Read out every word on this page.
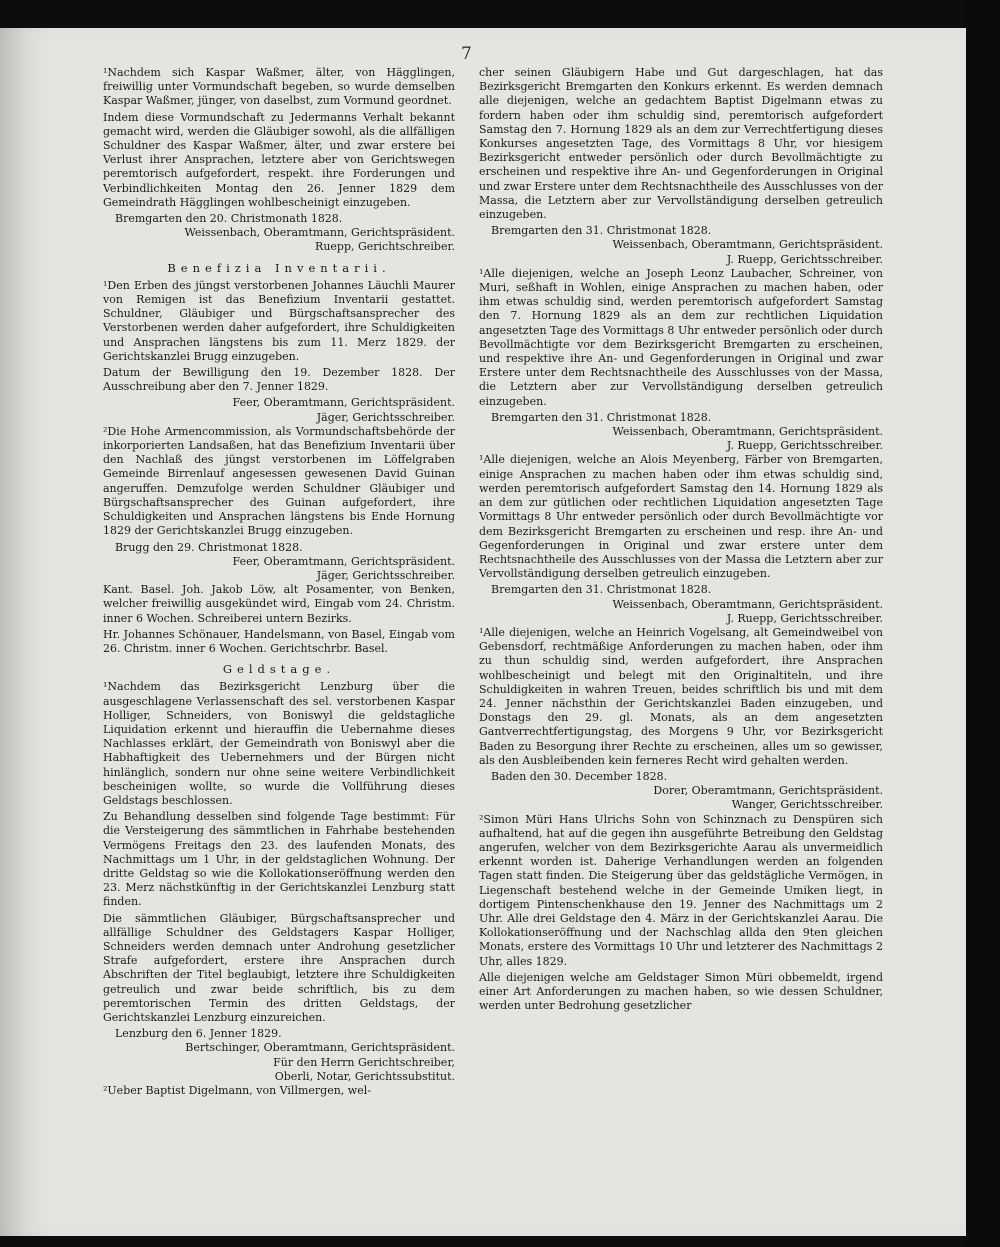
7

¹Nachdem sich Kaspar Waßmer, älter, von Hägglingen, freiwillig unter Vormundschaft begeben, so wurde demselben Kaspar Waßmer, jünger, von daselbst, zum Vormund geordnet.

Indem diese Vormundschaft zu Jedermanns Verhalt bekannt gemacht wird, werden die Gläubiger sowohl, als die allfälligen Schuldner des Kaspar Waßmer, älter, und zwar erstere bei Verlust ihrer Ansprachen, letztere aber von Gerichtswegen peremtorisch aufgefordert, respekt. ihre Forderungen und Verbindlichkeiten Montag den 26. Jenner 1829 dem Gemeindrath Hägglingen wohlbescheinigt einzugeben.

Bremgarten den 20. Christmonath 1828.

Weissenbach, Oberamtmann, Gerichtspräsident.

Ruepp, Gerichtschreiber.

Benefizia Inventarii.

¹Den Erben des jüngst verstorbenen Johannes Läuchli Maurer von Remigen ist das Benefizium Inventarii gestattet. Schuldner, Gläubiger und Bürgschaftsansprecher des Verstorbenen werden daher aufgefordert, ihre Schuldigkeiten und Ansprachen längstens bis zum 11. Merz 1829. der Gerichtskanzlei Brugg einzugeben.

Datum der Bewilligung den 19. Dezember 1828. Der Ausschreibung aber den 7. Jenner 1829.

Feer, Oberamtmann, Gerichtspräsident.

Jäger, Gerichtsschreiber.

²Die Hohe Armencommission, als Vormundschaftsbehörde der inkorporierten Landsaßen, hat das Benefizium Inventarii über den Nachlaß des jüngst verstorbenen im Löffelgraben Gemeinde Birrenlauf angesessen gewesenen David Guinan angeruffen. Demzufolge werden Schuldner Gläubiger und Bürgschaftsansprecher des Guinan aufgefordert, ihre Schuldigkeiten und Ansprachen längstens bis Ende Hornung 1829 der Gerichtskanzlei Brugg einzugeben.

Brugg den 29. Christmonat 1828.

Feer, Oberamtmann, Gerichtspräsident.

Jäger, Gerichtsschreiber.

Kant. Basel. Joh. Jakob Löw, alt Posamenter, von Benken, welcher freiwillig ausgekündet wird, Eingab vom 24. Christm. inner 6 Wochen. Schreiberei untern Bezirks.

Hr. Johannes Schönauer, Handelsmann, von Basel, Eingab vom 26. Christm. inner 6 Wochen. Gerichtschrbr. Basel.

Geldstage.

¹Nachdem das Bezirksgericht Lenzburg über die ausgeschlagene Verlassenschaft des sel. verstorbenen Kaspar Holliger, Schneiders, von Boniswyl die geldstagliche Liquidation erkennt und hierauffin die Uebernahme dieses Nachlasses erklärt, der Gemeindrath von Boniswyl aber die Habhaftigkeit des Uebernehmers und der Bürgen nicht hinlänglich, sondern nur ohne seine weitere Verbindlichkeit bescheinigen wollte, so wurde die Vollführung dieses Geldstags beschlossen.

Zu Behandlung desselben sind folgende Tage bestimmt: Für die Versteigerung des sämmtlichen in Fahrhabe bestehenden Vermögens Freitags den 23. des laufenden Monats, des Nachmittags um 1 Uhr, in der geldstaglichen Wohnung. Der dritte Geldstag so wie die Kollokationseröffnung werden den 23. Merz nächstkünftig in der Gerichtskanzlei Lenzburg statt finden.

Die sämmtlichen Gläubiger, Bürgschaftsansprecher und allfällige Schuldner des Geldstagers Kaspar Holliger, Schneiders werden demnach unter Androhung gesetzlicher Strafe aufgefordert, erstere ihre Ansprachen durch Abschriften der Titel beglaubigt, letztere ihre Schuldigkeiten getreulich und zwar beide schriftlich, bis zu dem peremtorischen Termin des dritten Geldstags, der Gerichtskanzlei Lenzburg einzureichen.

Lenzburg den 6. Jenner 1829.

Bertschinger, Oberamtmann, Gerichtspräsident.

Für den Herrn Gerichtschreiber,

Oberli, Notar, Gerichtssubstitut.

²Ueber Baptist Digelmann, von Villmergen, wel-

cher seinen Gläubigern Habe und Gut dargeschlagen, hat das Bezirksgericht Bremgarten den Konkurs erkennt. Es werden demnach alle diejenigen, welche an gedachtem Baptist Digelmann etwas zu fordern haben oder ihm schuldig sind, peremtorisch aufgefordert Samstag den 7. Hornung 1829 als an dem zur Verrechtfertigung dieses Konkurses angesetzten Tage, des Vormittags 8 Uhr, vor hiesigem Bezirksgericht entweder persönlich oder durch Bevollmächtigte zu erscheinen und respektive ihre An- und Gegenforderungen in Original und zwar Erstere unter dem Rechtsnachtheile des Ausschlusses von der Massa, die Letztern aber zur Vervollständigung derselben getreulich einzugeben.

Bremgarten den 31. Christmonat 1828.

Weissenbach, Oberamtmann, Gerichtspräsident.

J. Ruepp, Gerichtsschreiber.

¹Alle diejenigen, welche an Joseph Leonz Laubacher, Schreiner, von Muri, seßhaft in Wohlen, einige Ansprachen zu machen haben, oder ihm etwas schuldig sind, werden peremtorisch aufgefordert Samstag den 7. Hornung 1829 als an dem zur rechtlichen Liquidation angesetzten Tage des Vormittags 8 Uhr entweder persönlich oder durch Bevollmächtigte vor dem Bezirksgericht Bremgarten zu erscheinen, und respektive ihre An- und Gegenforderungen in Original und zwar Erstere unter dem Rechtsnachtheile des Ausschlusses von der Massa, die Letztern aber zur Vervollständigung derselben getreulich einzugeben.

Bremgarten den 31. Christmonat 1828.

Weissenbach, Oberamtmann, Gerichtspräsident.

J. Ruepp, Gerichtsschreiber.

¹Alle diejenigen, welche an Alois Meyenberg, Färber von Bremgarten, einige Ansprachen zu machen haben oder ihm etwas schuldig sind, werden peremtorisch aufgefordert Samstag den 14. Hornung 1829 als an dem zur gütlichen oder rechtlichen Liquidation angesetzten Tage Vormittags 8 Uhr entweder persönlich oder durch Bevollmächtigte vor dem Bezirksgericht Bremgarten zu erscheinen und resp. ihre An- und Gegenforderungen in Original und zwar erstere unter dem Rechtsnachtheile des Ausschlusses von der Massa die Letztern aber zur Vervollständigung derselben getreulich einzugeben.

Bremgarten den 31. Christmonat 1828.

Weissenbach, Oberamtmann, Gerichtspräsident.

J. Ruepp, Gerichtsschreiber.

¹Alle diejenigen, welche an Heinrich Vogelsang, alt Gemeindweibel von Gebensdorf, rechtmäßige Anforderungen zu machen haben, oder ihm zu thun schuldig sind, werden aufgefordert, ihre Ansprachen wohlbescheinigt und belegt mit den Originaltiteln, und ihre Schuldigkeiten in wahren Treuen, beides schriftlich bis und mit dem 24. Jenner nächsthin der Gerichtskanzlei Baden einzugeben, und Donstags den 29. gl. Monats, als an dem angesetzten Gantverrechtfertigungstag, des Morgens 9 Uhr, vor Bezirksgericht Baden zu Besorgung ihrer Rechte zu erscheinen, alles um so gewisser, als den Ausbleibenden kein ferneres Recht wird gehalten werden.

Baden den 30. December 1828.

Dorer, Oberamtmann, Gerichtspräsident.

Wanger, Gerichtsschreiber.

²Simon Müri Hans Ulrichs Sohn von Schinznach zu Denspüren sich aufhaltend, hat auf die gegen ihn ausgeführte Betreibung den Geldstag angerufen, welcher von dem Bezirksgerichte Aarau als unvermeidlich erkennt worden ist. Daherige Verhandlungen werden an folgenden Tagen statt finden. Die Steigerung über das geldstägliche Vermögen, in Liegenschaft bestehend welche in der Gemeinde Umiken liegt, in dortigem Pintenschenkhause den 19. Jenner des Nachmittags um 2 Uhr. Alle drei Geldstage den 4. März in der Gerichtskanzlei Aarau. Die Kollokationseröffnung und der Nachschlag allda den 9ten gleichen Monats, erstere des Vormittags 10 Uhr und letzterer des Nachmittags 2 Uhr, alles 1829.

Alle diejenigen welche am Geldstager Simon Müri obbemeldt, irgend einer Art Anforderungen zu machen haben, so wie dessen Schuldner, werden unter Bedrohung gesetzlicher
